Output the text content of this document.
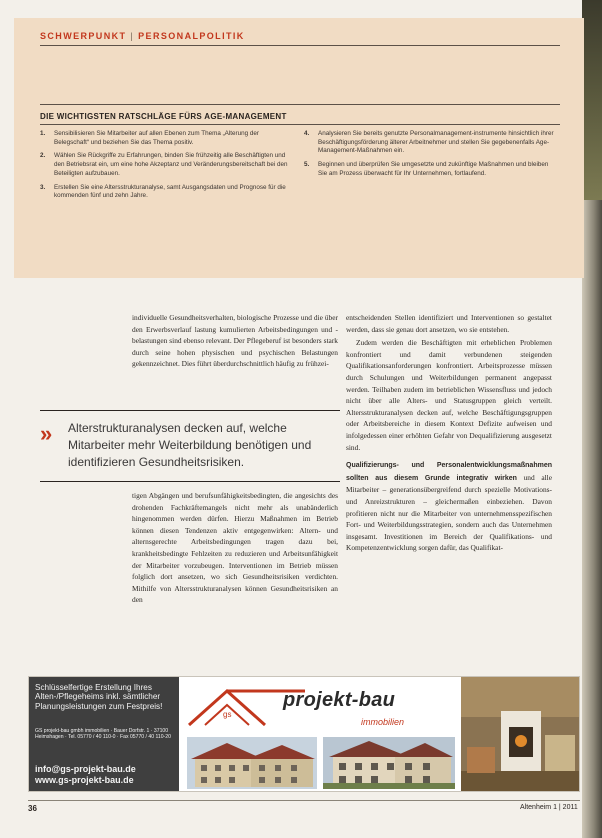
SCHWERPUNKT | PERSONALPOLITIK
DIE WICHTIGSTEN RATSCHLÄGE FÜRS AGE-MANAGEMENT
1. Sensibilisieren Sie Mitarbeiter auf allen Ebenen zum Thema „Alterung der Belegschaft“ und beziehen Sie das Thema positiv.
2. Wählen Sie Rückgriffe zu Erfahrungen, binden Sie frühzeitig alle Beschäftigten und den Betriebsrat ein, um eine hohe Akzeptanz und Veränderungsbereitschaft bei den Beteiligten aufzubauen.
3. Erstellen Sie eine Altersstrukturanalyse, samt Ausgangsdaten und Prognose für die kommenden fünf und zehn Jahre.
4. Analysieren Sie bereits genutzte Personalmanagement-instrumente hinsichtlich ihrer Beschäftigungsförderung älterer Arbeitnehmer und stellen Sie gegebenenfalls Age-Management-Maßnahmen ein.
5. Beginnen und überprüfen Sie umgesetzte und zukünftige Maßnahmen und bleiben Sie am Prozess überwacht für Ihr Unternehmen, fortlaufend.

individuelle Gesundheitsverhalten, biologische Prozesse und die über den Erwerbsverlauf lastung kumulierten Arbeitsbedingungen und -belastungen sind ebenso relevant. Der Pflegeberuf ist besonders stark durch seine hohen physischen und psychischen Belastungen gekennzeichnet. Dies führt überdurchschnittlich häufig zu frühzei-

» Alterstrukturanalysen decken auf, welche Mitarbeiter mehr Weiterbildung benötigen und identifizieren Gesundheitsrisiken.

tigen Abgängen und berufsunfähigkeitsbedingten, die angesichts des drohenden Fachkräftemangels nicht mehr als unabänderlich hingenommen werden dürfen. Hierzu Maßnahmen im Betrieb können diesen Tendenzen aktiv entgegenwirken: Altern- und alternsgerechte Arbeitsbedingungen tragen dazu bei, krankheitsbedingte Fehlzeiten zu reduzieren und Arbeitsunfähigkeit der Mitarbeiter vorzubeugen. Interventionen im Betrieb müssen folglich dort ansetzen, wo sich Gesundheitsrisiken verdichten. Mithilfe von Altersstrukturanalysen können Gesundheitsrisiken an den

entscheidenden Stellen identifiziert und Interventionen so gestaltet werden, dass sie genau dort ansetzen, wo sie entstehen.

Zudem werden die Beschäftigten mit erheblichen Problemen konfrontiert und damit verbundenen steigenden Qualifikationsanforderungen konfrontiert. Arbeitsprozesse müssen durch Schulungen und Weiterbildungen permanent angepasst werden. Teilhaben zudem im betrieblichen Wissensfluss und jedoch nicht über alle Alters- und Statusgruppen gleich verteilt. Altersstrukturanalysen decken auf, welche Beschäftigungsgruppen oder Arbeitsbereiche in diesem Kontext Defizite aufweisen und infolgedessen einer erhöhten Gefahr von Dequalifizierung ausgesetzt sind.

Qualifizierungs- und Personalentwicklungsmaßnahmen sollten aus diesem Grunde integrativ wirken und alle Mitarbeiter – generationsübergreifend durch spezielle Motivations- und Anreizstrukturen – gleichermaßen einbeziehen. Davon profitieren nicht nur die Mitarbeiter von unternehmensspezifischen Fort- und Weiterbildungsstrategien, sondern auch das Unternehmen insgesamt. Investitionen im Bereich der Qualifikations- und Kompetenzentwicklung sorgen dafür, das Qualifikat-

Schlüsselfertige Erstellung Ihres Alten-/Pflegeheims inkl. sämtlicher Planungsleistungen zum Festpreis!
GS projekt-bau gmbh immobilien · Bauer Dorfstr. 1 · 37100 Heimshagen · Tel. 05770 / 40 110-0 · Fax 05770 / 40 110-20
info@gs-projekt-bau.de
www.gs-projekt-bau.de
gs
projekt-bau
immobilien
36	Altenheim 1 | 2011
